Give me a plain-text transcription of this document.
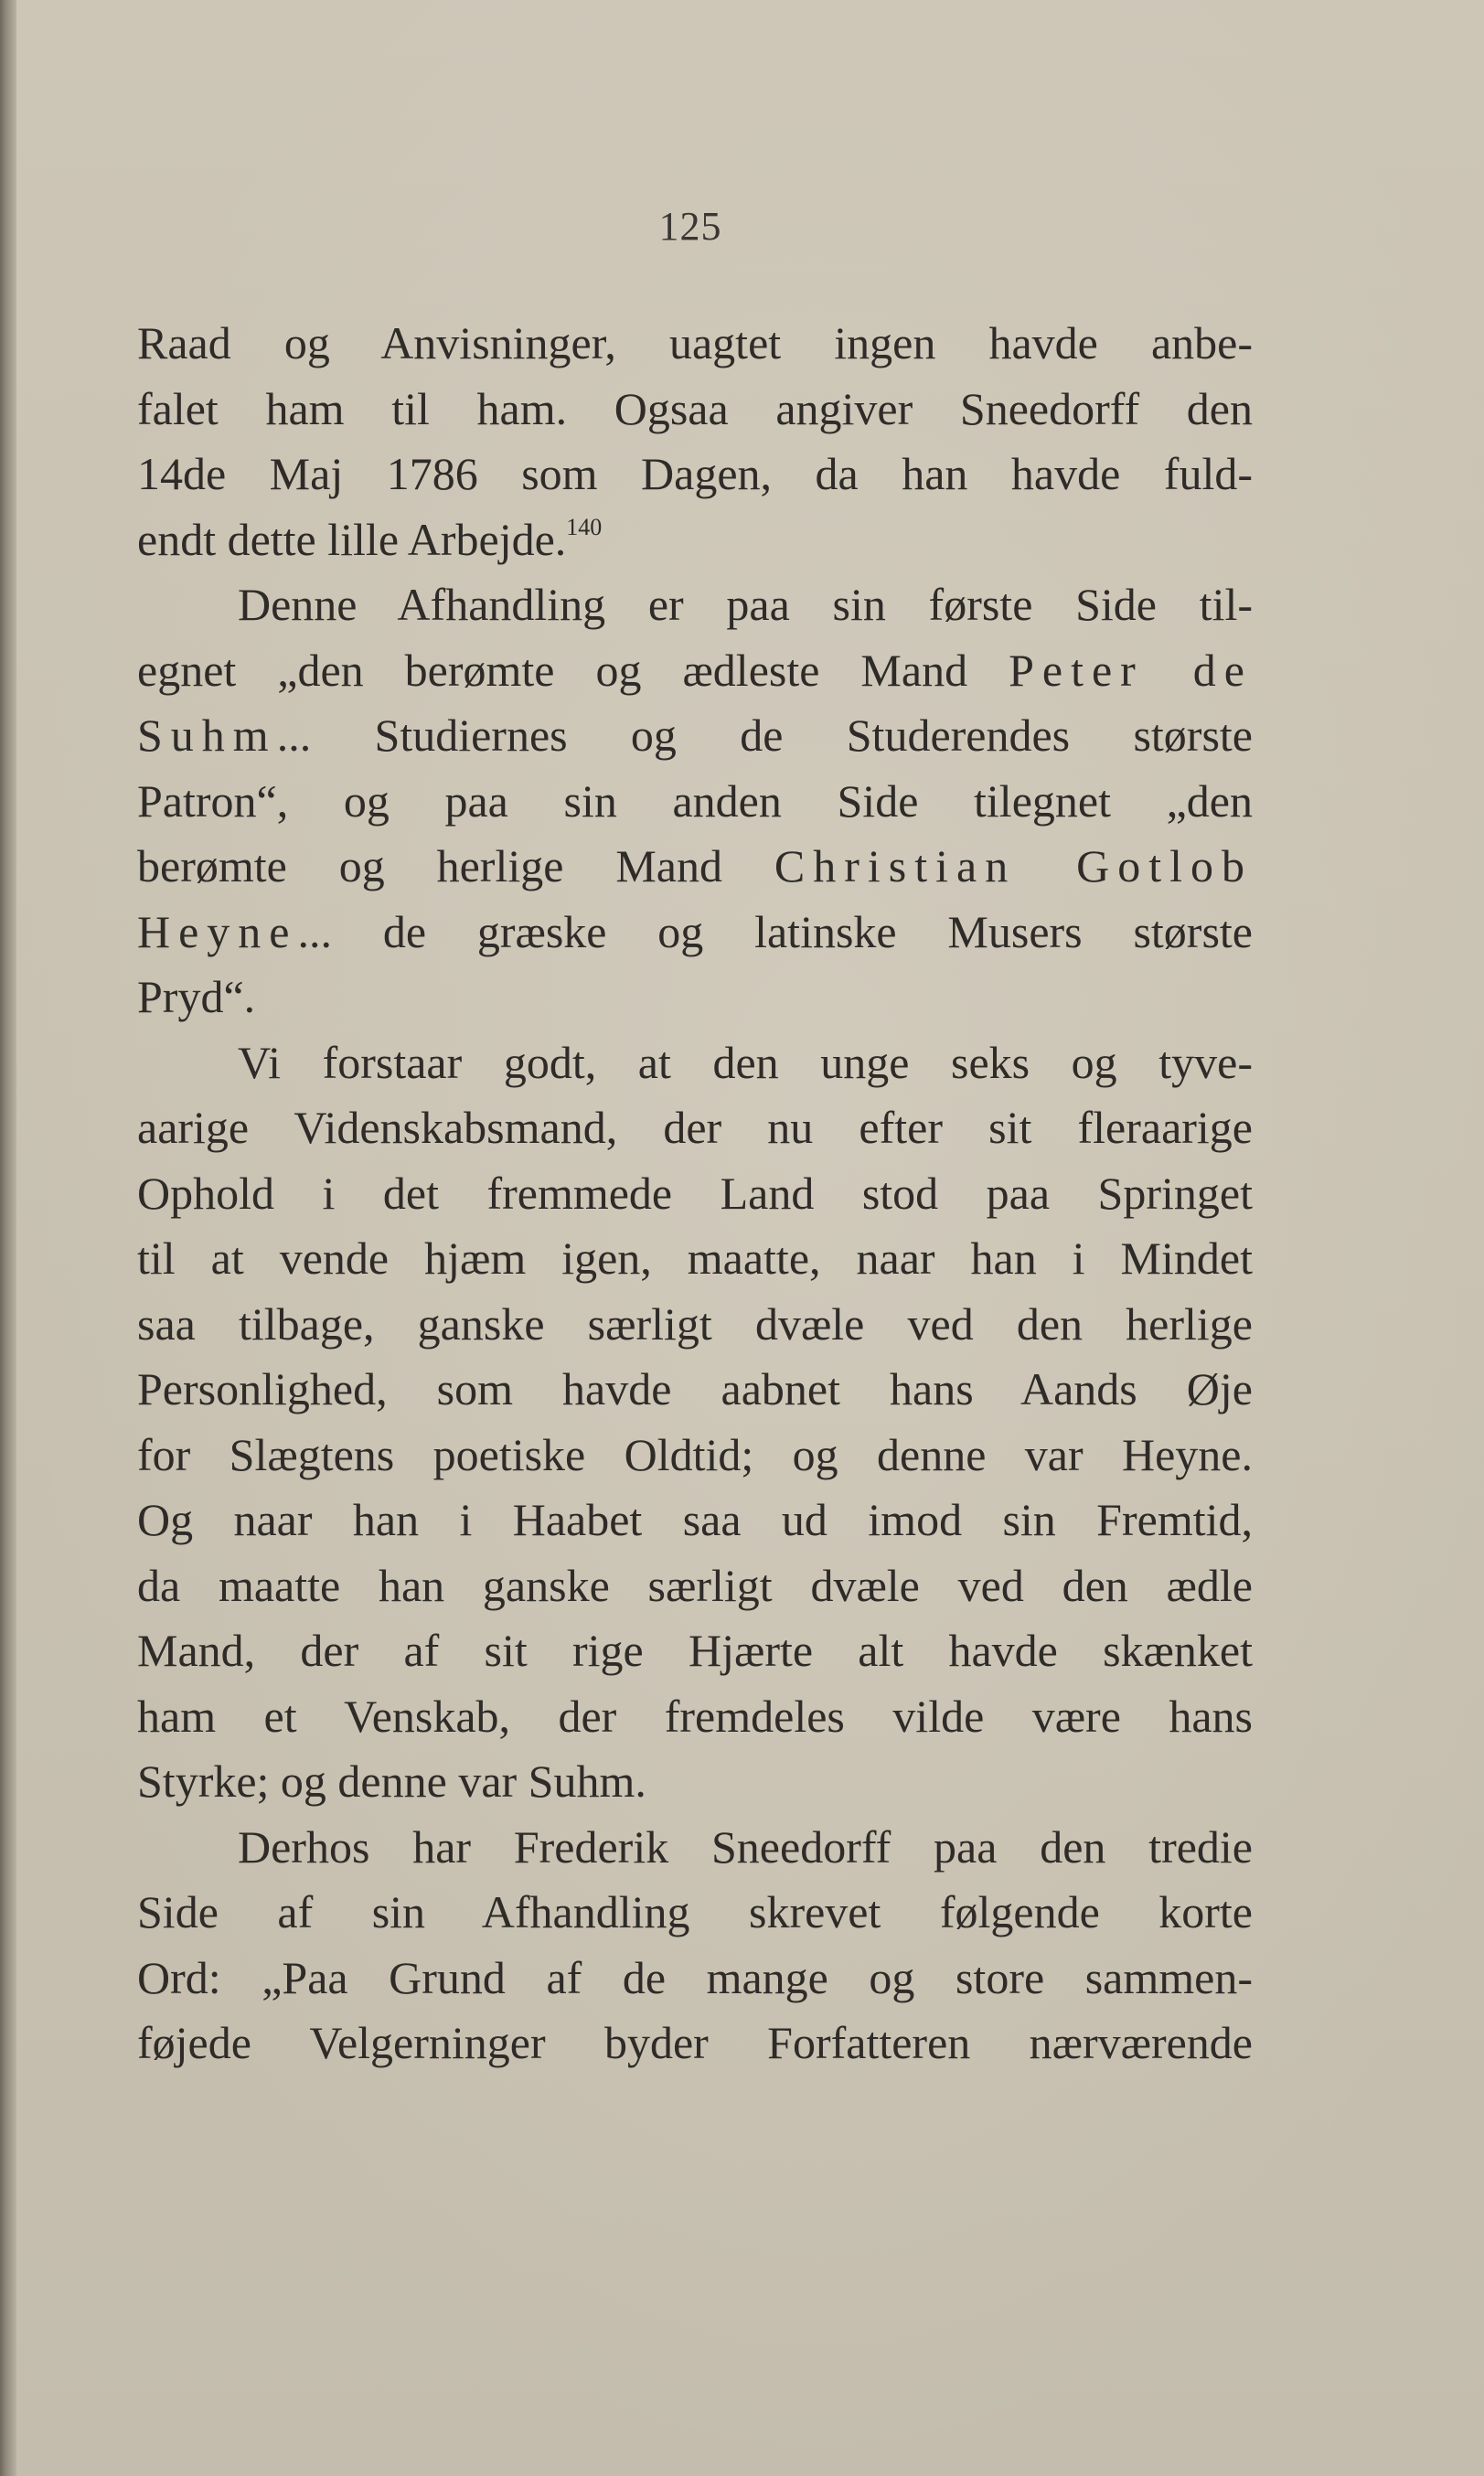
125
Raad og Anvisninger, uagtet ingen havde anbe-
falet ham til ham. Ogsaa angiver Sneedorff den
14de Maj 1786 som Dagen, da han havde fuld-
endt dette lille Arbejde.$^{140}$
Denne Afhandling er paa sin første Side til-
egnet „den berømte og ædleste Mand Peter de
Suhm... Studiernes og de Studerendes største
Patron“, og paa sin anden Side tilegnet „den
berømte og herlige Mand Christian Gotlob
Heyne... de græske og latinske Musers største
Pryd“.
Vi forstaar godt, at den unge seks og tyve-
aarige Videnskabsmand, der nu efter sit fleraarige
Ophold i det fremmede Land stod paa Springet
til at vende hjæm igen, maatte, naar han i Mindet
saa tilbage, ganske særligt dvæle ved den herlige
Personlighed, som havde aabnet hans Aands Øje
for Slægtens poetiske Oldtid; og denne var Heyne.
Og naar han i Haabet saa ud imod sin Fremtid,
da maatte han ganske særligt dvæle ved den ædle
Mand, der af sit rige Hjærte alt havde skænket
ham et Venskab, der fremdeles vilde være hans
Styrke; og denne var Suhm.
Derhos har Frederik Sneedorff paa den tredie
Side af sin Afhandling skrevet følgende korte
Ord: „Paa Grund af de mange og store sammen-
føjede Velgerninger byder Forfatteren nærværende
